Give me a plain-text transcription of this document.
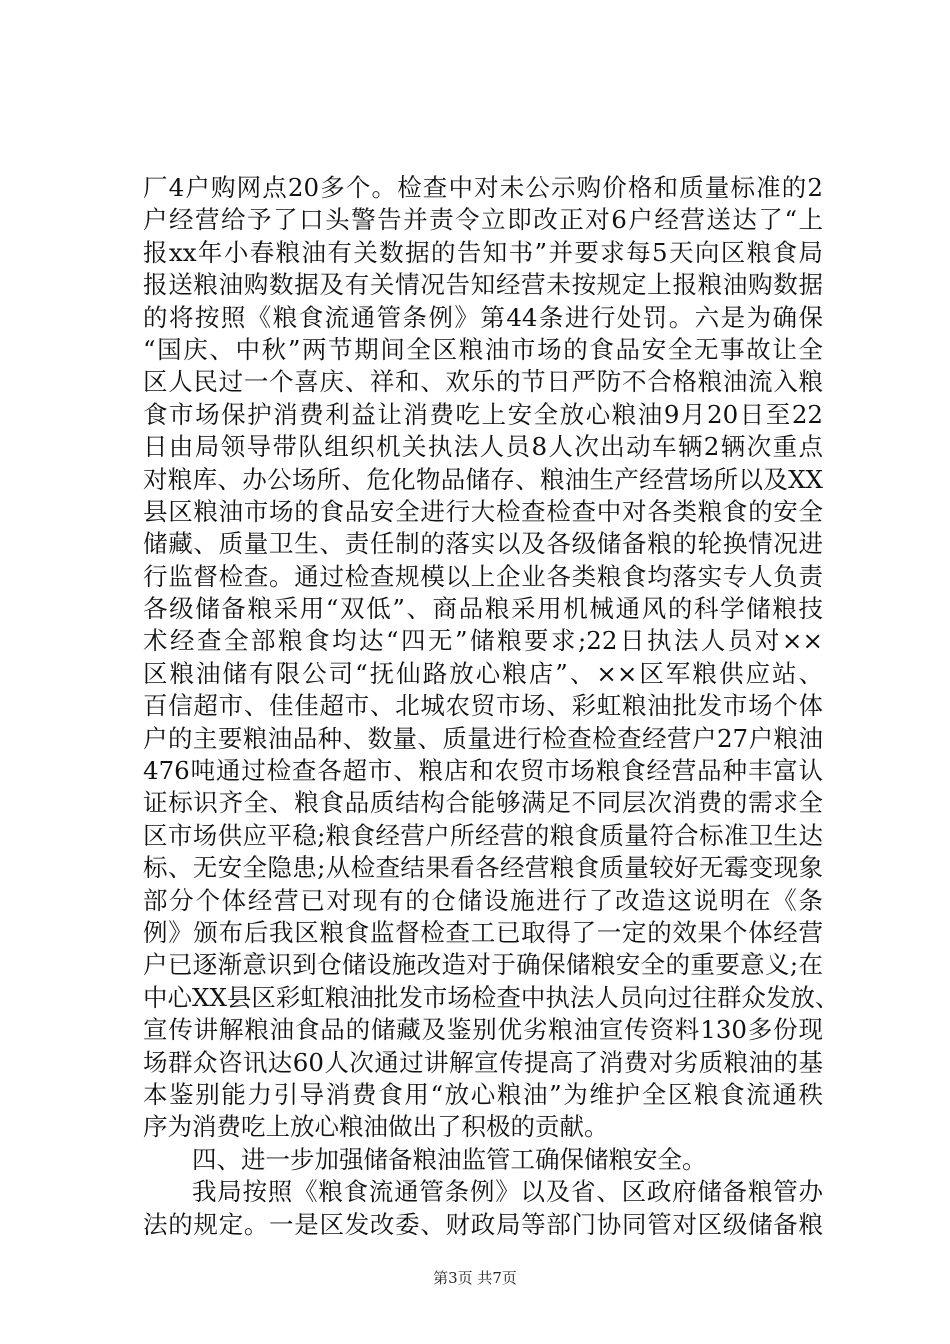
厂4户购网点20多个。检查中对未公示购价格和质量标准的2
户经营给予了口头警告并责令立即改正对6户经营送达了“上
报xx年小春粮油有关数据的告知书”并要求每5天向区粮食局
报送粮油购数据及有关情况告知经营未按规定上报粮油购数据
的将按照《粮食流通管条例》第44条进行处罚。六是为确保
“国庆、中秋”两节期间全区粮油市场的食品安全无事故让全
区人民过一个喜庆、祥和、欢乐的节日严防不合格粮油流入粮
食市场保护消费利益让消费吃上安全放心粮油9月20日至22
日由局领导带队组织机关执法人员8人次出动车辆2辆次重点
对粮库、办公场所、危化物品储存、粮油生产经营场所以及XX
县区粮油市场的食品安全进行大检查检查中对各类粮食的安全
储藏、质量卫生、责任制的落实以及各级储备粮的轮换情况进
行监督检查。通过检查规模以上企业各类粮食均落实专人负责
各级储备粮采用“双低”、商品粮采用机械通风的科学储粮技
术经查全部粮食均达“四无”储粮要求;22日执法人员对××
区粮油储有限公司“抚仙路放心粮店”、××区军粮供应站、
百信超市、佳佳超市、北城农贸市场、彩虹粮油批发市场个体
户的主要粮油品种、数量、质量进行检查检查经营户27户粮油
476吨通过检查各超市、粮店和农贸市场粮食经营品种丰富认
证标识齐全、粮食品质结构合能够满足不同层次消费的需求全
区市场供应平稳;粮食经营户所经营的粮食质量符合标准卫生达
标、无安全隐患;从检查结果看各经营粮食质量较好无霉变现象
部分个体经营已对现有的仓储设施进行了改造这说明在《条
例》颁布后我区粮食监督检查工已取得了一定的效果个体经营
户已逐渐意识到仓储设施改造对于确保储粮安全的重要意义;在
中心XX县区彩虹粮油批发市场检查中执法人员向过往群众发放、
宣传讲解粮油食品的储藏及鉴别优劣粮油宣传资料130多份现
场群众咨讯达60人次通过讲解宣传提高了消费对劣质粮油的基
本鉴别能力引导消费食用“放心粮油”为维护全区粮食流通秩
序为消费吃上放心粮油做出了积极的贡献。
四、进一步加强储备粮油监管工确保储粮安全。
我局按照《粮食流通管条例》以及省、区政府储备粮管办
法的规定。一是区发改委、财政局等部门协同管对区级储备粮
第3页 共7页
